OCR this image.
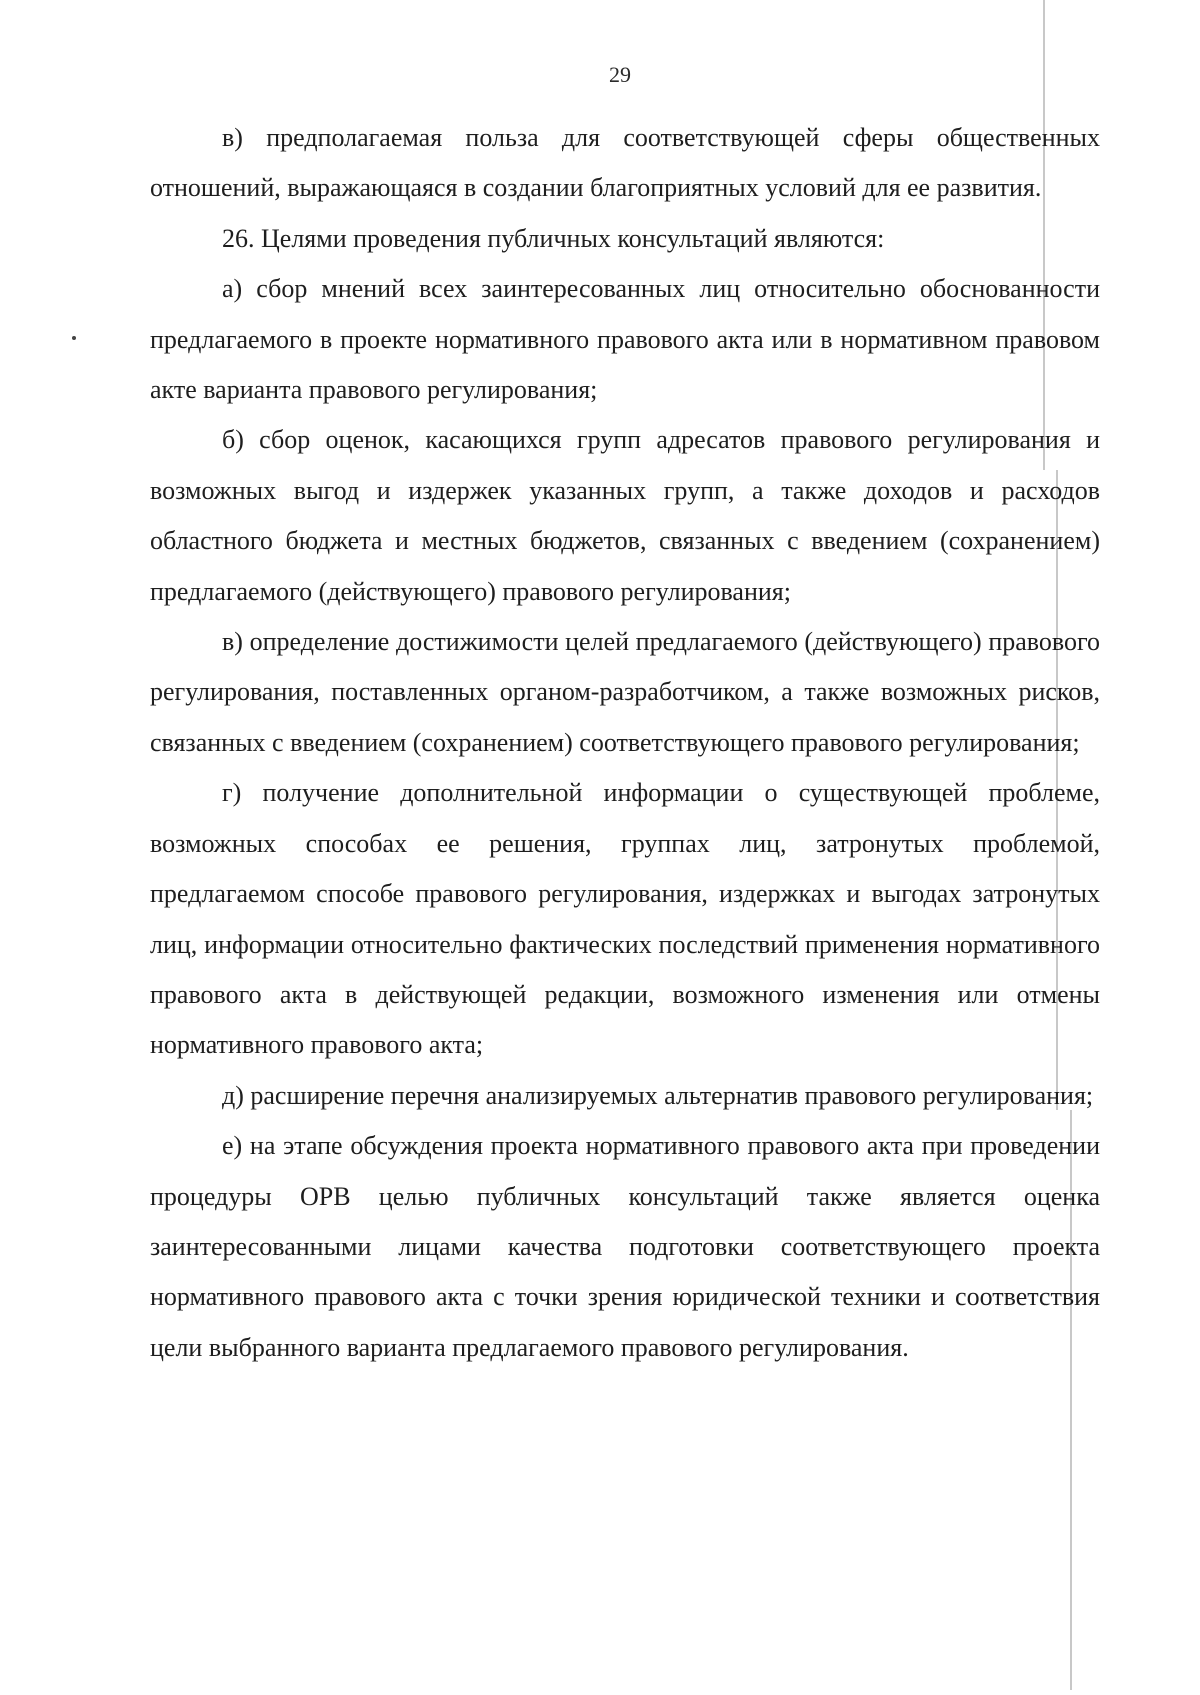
29

в) предполагаемая польза для соответствующей сферы общественных отношений, выражающаяся в создании благоприятных условий для ее развития.

26. Целями проведения публичных консультаций являются:

а) сбор мнений всех заинтересованных лиц относительно обоснованности предлагаемого в проекте нормативного правового акта или в нормативном правовом акте варианта правового регулирования;

б) сбор оценок, касающихся групп адресатов правового регулирования и возможных выгод и издержек указанных групп, а также доходов и расходов областного бюджета и местных бюджетов, связанных с введением (сохранением) предлагаемого (действующего) правового регулирования;

в) определение достижимости целей предлагаемого (действующего) правового регулирования, поставленных органом-разработчиком, а также возможных рисков, связанных с введением (сохранением) соответствующего правового регулирования;

г) получение дополнительной информации о существующей проблеме, возможных способах ее решения, группах лиц, затронутых проблемой, предлагаемом способе правового регулирования, издержках и выгодах затронутых лиц, информации относительно фактических последствий применения нормативного правового акта в действующей редакции, возможного изменения или отмены нормативного правового акта;

д) расширение перечня анализируемых альтернатив правового регулирования;

е) на этапе обсуждения проекта нормативного правового акта при проведении процедуры ОРВ целью публичных консультаций также является оценка заинтересованными лицами качества подготовки соответствующего проекта нормативного правового акта с точки зрения юридической техники и соответствия цели выбранного варианта предлагаемого правового регулирования.
